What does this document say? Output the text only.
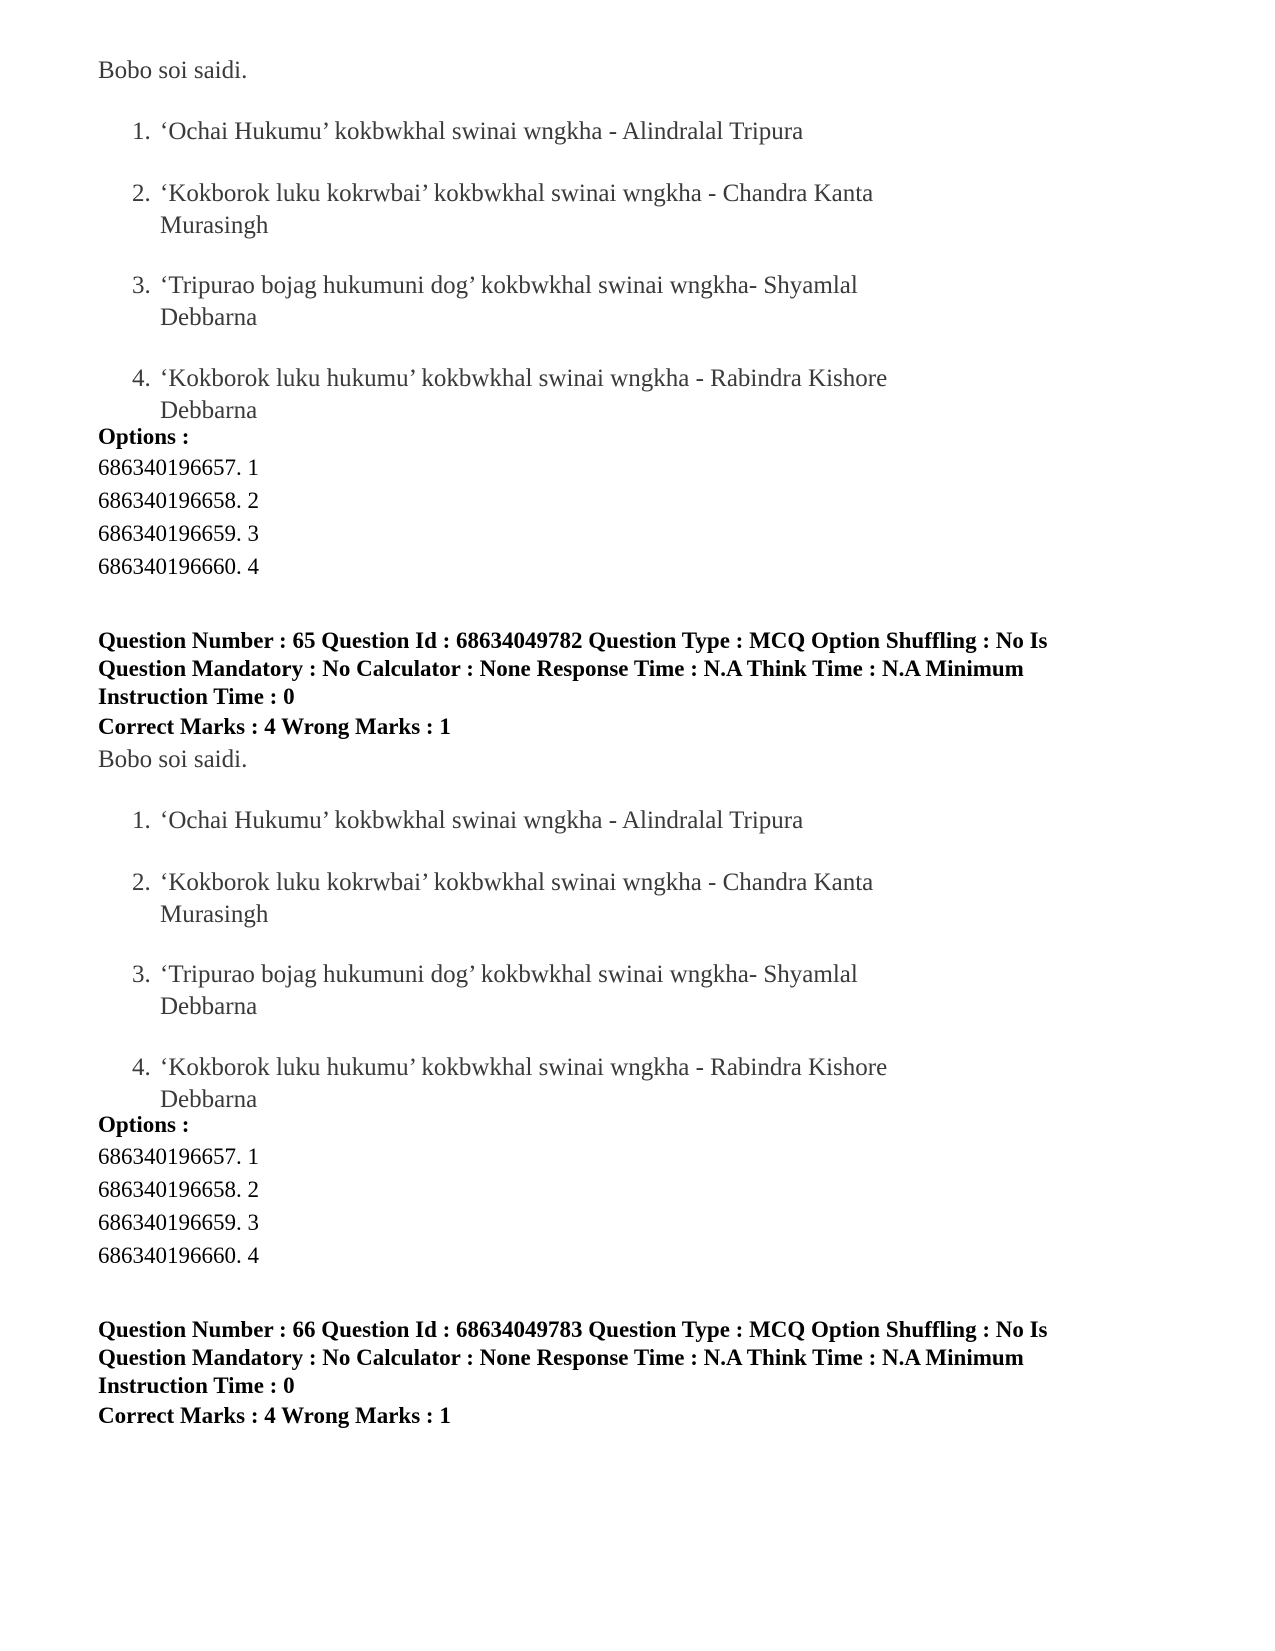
Bobo soi saidi.

1. ‘Ochai Hukumu’ kokbwkhal swinai wngkha - Alindralal Tripura
2. ‘Kokborok luku kokrwbai’ kokbwkhal swinai wngkha - Chandra Kanta
Murasingh
3. ‘Tripurao bojag hukumuni dog’ kokbwkhal swinai wngkha- Shyamlal
Debbarna
4. ‘Kokborok luku hukumu’ kokbwkhal swinai wngkha - Rabindra Kishore
Debbarna
Options :
686340196657. 1
686340196658. 2
686340196659. 3
686340196660. 4
Question Number : 65 Question Id : 68634049782 Question Type : MCQ Option Shuffling : No Is
Question Mandatory : No Calculator : None Response Time : N.A Think Time : N.A Minimum
Instruction Time : 0
Correct Marks : 4 Wrong Marks : 1

Bobo soi saidi.

1. ‘Ochai Hukumu’ kokbwkhal swinai wngkha - Alindralal Tripura
2. ‘Kokborok luku kokrwbai’ kokbwkhal swinai wngkha - Chandra Kanta
Murasingh
3. ‘Tripurao bojag hukumuni dog’ kokbwkhal swinai wngkha- Shyamlal
Debbarna
4. ‘Kokborok luku hukumu’ kokbwkhal swinai wngkha - Rabindra Kishore
Debbarna
Options :
686340196657. 1
686340196658. 2
686340196659. 3
686340196660. 4
Question Number : 66 Question Id : 68634049783 Question Type : MCQ Option Shuffling : No Is
Question Mandatory : No Calculator : None Response Time : N.A Think Time : N.A Minimum
Instruction Time : 0
Correct Marks : 4 Wrong Marks : 1
